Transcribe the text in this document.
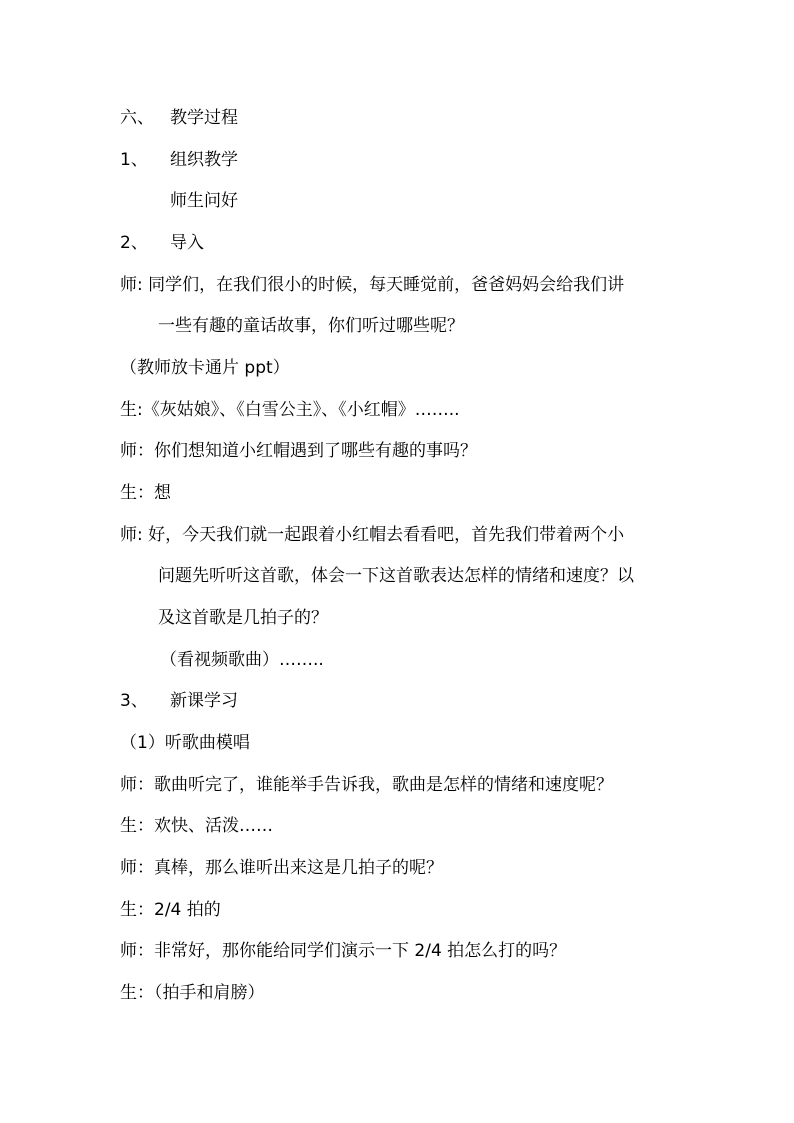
六、 教学过程
1、 组织教学
师生问好
2、 导入
师: 同学们，在我们很小的时候，每天睡觉前，爸爸妈妈会给我们讲
一些有趣的童话故事，你们听过哪些呢？
（教师放卡通片 ppt）
生:《灰姑娘》、《白雪公主》、《小红帽》……..
师：你们想知道小红帽遇到了哪些有趣的事吗？
生：想
师: 好，今天我们就一起跟着小红帽去看看吧，首先我们带着两个小
问题先听听这首歌，体会一下这首歌表达怎样的情绪和速度？以
及这首歌是几拍子的？
（看视频歌曲）……..
3、 新课学习
（1）听歌曲模唱
师：歌曲听完了，谁能举手告诉我，歌曲是怎样的情绪和速度呢？
生：欢快、活泼……
师：真棒，那么谁听出来这是几拍子的呢？
生：2/4 拍的
师：非常好，那你能给同学们演示一下 2/4 拍怎么打的吗？
生：（拍手和肩膀）
